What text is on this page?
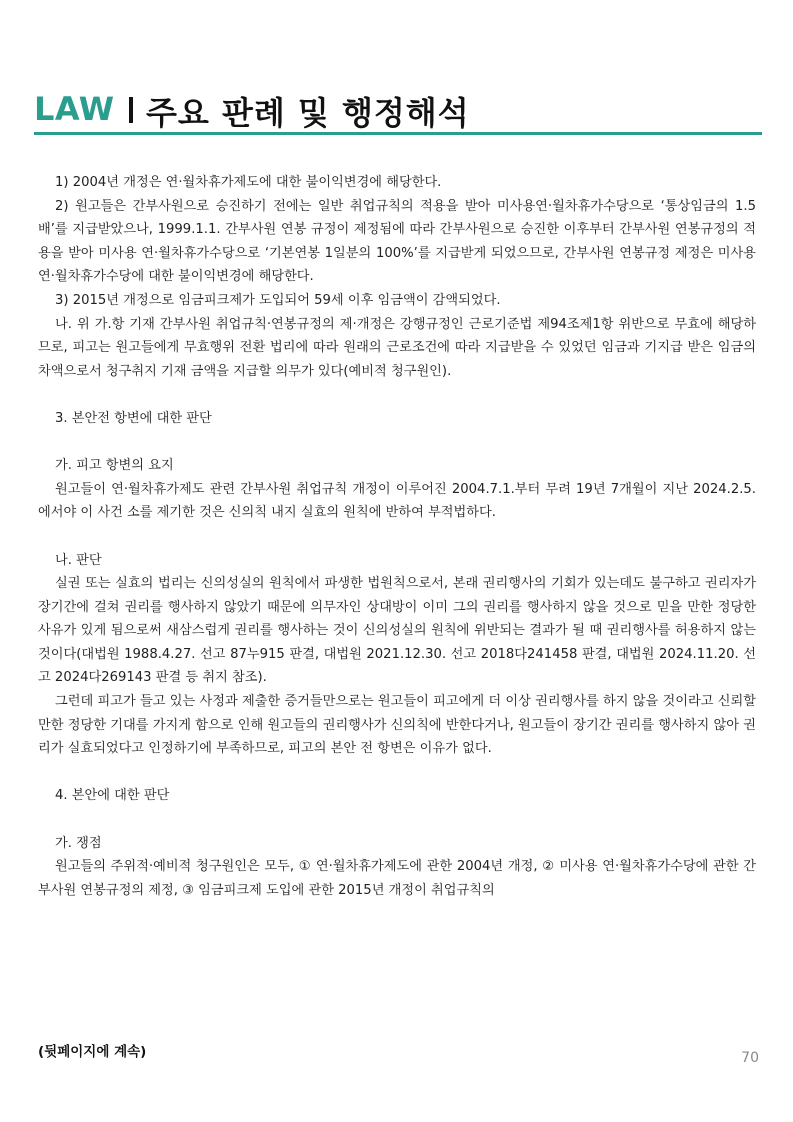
LAW 주요 판례 및 행정해석

1) 2004년 개정은 연·월차휴가제도에 대한 불이익변경에 해당한다.

2) 원고들은 간부사원으로 승진하기 전에는 일반 취업규칙의 적용을 받아 미사용연·월차휴가수당으로 ‘통상임금의 1.5배’를 지급받았으나, 1999.1.1. 간부사원 연봉 규정이 제정됨에 따라 간부사원으로 승진한 이후부터 간부사원 연봉규정의 적용을 받아 미사용 연·월차휴가수당으로 ‘기본연봉 1일분의 100%’를 지급받게 되었으므로, 간부사원 연봉규정 제정은 미사용 연·월차휴가수당에 대한 불이익변경에 해당한다.

3) 2015년 개정으로 임금피크제가 도입되어 59세 이후 임금액이 감액되었다.

나. 위 가.항 기재 간부사원 취업규칙·연봉규정의 제·개정은 강행규정인 근로기준법 제94조제1항 위반으로 무효에 해당하므로, 피고는 원고들에게 무효행위 전환 법리에 따라 원래의 근로조건에 따라 지급받을 수 있었던 임금과 기지급 받은 임금의 차액으로서 청구취지 기재 금액을 지급할 의무가 있다(예비적 청구원인).

3. 본안전 항변에 대한 판단

가. 피고 항변의 요지

원고들이 연·월차휴가제도 관련 간부사원 취업규칙 개정이 이루어진 2004.7.1.부터 무려 19년 7개월이 지난 2024.2.5.에서야 이 사건 소를 제기한 것은 신의칙 내지 실효의 원칙에 반하여 부적법하다.

나. 판단

실권 또는 실효의 법리는 신의성실의 원칙에서 파생한 법원칙으로서, 본래 권리행사의 기회가 있는데도 불구하고 권리자가 장기간에 걸쳐 권리를 행사하지 않았기 때문에 의무자인 상대방이 이미 그의 권리를 행사하지 않을 것으로 믿을 만한 정당한 사유가 있게 됨으로써 새삼스럽게 권리를 행사하는 것이 신의성실의 원칙에 위반되는 결과가 될 때 권리행사를 허용하지 않는 것이다(대법원 1988.4.27. 선고 87누915 판결, 대법원 2021.12.30. 선고 2018다241458 판결, 대법원 2024.11.20. 선고 2024다269143 판결 등 취지 참조).

그런데 피고가 들고 있는 사정과 제출한 증거들만으로는 원고들이 피고에게 더 이상 권리행사를 하지 않을 것이라고 신뢰할 만한 정당한 기대를 가지게 함으로 인해 원고들의 권리행사가 신의칙에 반한다거나, 원고들이 장기간 권리를 행사하지 않아 권리가 실효되었다고 인정하기에 부족하므로, 피고의 본안 전 항변은 이유가 없다.

4. 본안에 대한 판단

가. 쟁점

원고들의 주위적·예비적 청구원인은 모두, ① 연·월차휴가제도에 관한 2004년 개정, ② 미사용 연·월차휴가수당에 관한 간부사원 연봉규정의 제정, ③ 임금피크제 도입에 관한 2015년 개정이 취업규칙의

(뒷페이지에 계속)	70
